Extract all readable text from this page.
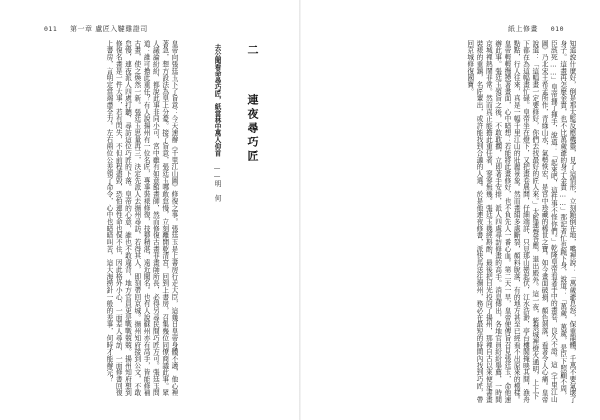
011 第一章 盧匠入韃雞證司
二
連夜尋巧匠
去公聞看命尋巧匠，紙當林中萬人仰首——明 何
皇帝向張廷玉下了旨意：今天速辦《千里江山圖》修復之事。張廷玉是上書房行走大臣，這幾日皇帝身體不適，他心裡著急，想方設法為皇上分憂。接了旨意，張廷玉哪敢怠慢，立刻離開乾清宮，回到上書房，召集幾位同僚商議此事。眾人議論紛紛，都說此事非同小可，宮中雖有如意館畫師，然而修復古畫非畫師所長，必得另尋民間巧匠方可。張廷玉問道：誰可擔此重任？有人說揚州有一位名匠，專事裝裱修復，技藝精湛，遠近聞名。也有人說蘇州亦有高手，皆能修補古畫，使之煥然一新。張廷玉思量再三，決定先派人去揚州尋訪，若得其人，即刻帶回京城。揚州知府接到公文，不敢怠慢，連夜派人四處打聽，尋訪這位巧匠的下落。皇帝的心意，誰也不敢違背，地方官員更是戰戰兢兢。揚州知府想到修復名畫是一件大事，若有閃失，不但前程盡毀，恐怕連性命也保不住，因此格外小心，一面差人尋訪，一面修書回復上書房，言明定當竭盡全力。左右兩位公差領了命令，心中也暗暗叫苦，這大海撈針一般的差事，何時才能辦完？
紙上修畫 010
知道說什麼好，倒是那太監反應機靈，見了這情形，立刻跪倒在地，嘴裡說：「萬歲爺息怒，保重龍體，千萬不要氣壞了身子。這畫再怎麼金貴，也不比萬歲爺的身子金貴……」那記者忙也跪下身，說道：「萬歲，萬歲，是臣下照顧不周，臣該死……」皇帝揮了揮手，說道：「起來吧，這件事不怪你們。」乾隆皇帝看著手中的畫卷，良久不語。這《千里江山圖》乃北宋王希孟所作，青綠山水，氣勢恢宏，是宮中珍藏的稀世之寶。如今畫面破損，顏色剝落，看著令人心痛。皇帝說道：「這幅畫一定要修好，你們去找最好的匠人來。」太監連聲答應，退出殿外。這一夜，紫禁城裡燈火通明，上上下下都在為這幅畫忙碌。皇帝坐在燈下，又把畫卷展開，仔細端詳，只見那山巒起伏，江水浩渺，亭台樓閣掩映其間，漁舟點點，行人往來，真是一幅千里江山的壯麗景象。然而畫絹多處斷裂，顏料脫落，有的地方甚至已經看不出原來的模樣。皇帝輕輕撫摸著畫面，心中暗想：若能將此畫修好，也不負先人一番心血。第二天一早，皇帝便傳旨召見張廷玉，命他速辦此事。張廷玉領旨之後，不敢耽擱，立即著手安排，派人四處尋訪修畫的高手。消息傳出，各地官員紛紛舉薦，一時間京城裡熱鬧非常。然而真正能擔此重任者，寥寥無幾。張廷玉幾經斟酌，最後把目光投向了揚州，那裡自古以來便是書畫裝裱的重鎮，名匠輩出，或許能找到合適的人選。於是他連夜修書，派快馬送往揚州，務必在最短的時間內找到巧匠，帶回京城修復國寶。
